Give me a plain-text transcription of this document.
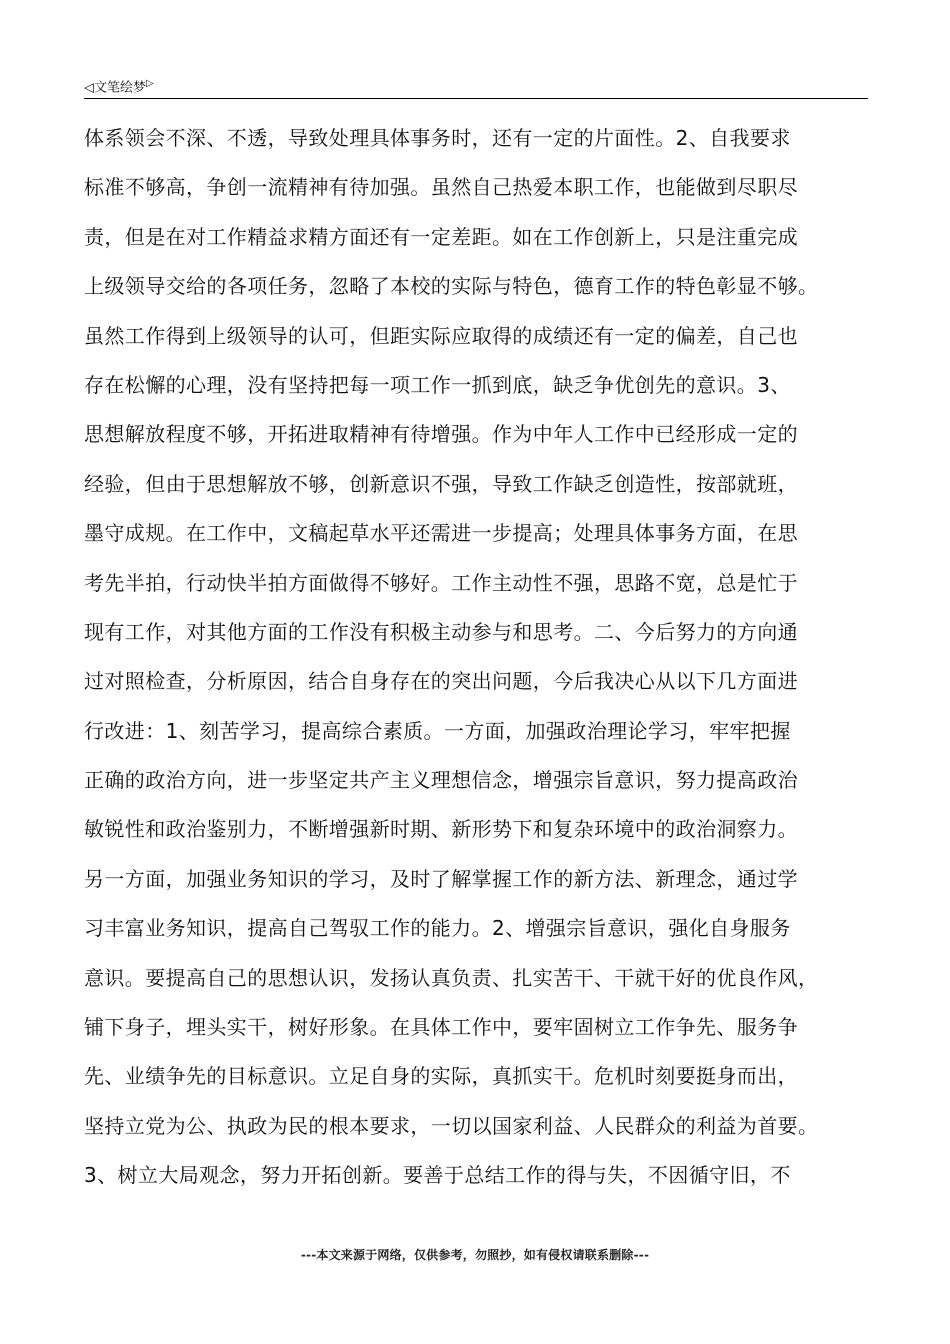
◁文笔绘梦▷
体系领会不深、不透，导致处理具体事务时，还有一定的片面性。2、自我要求
标准不够高，争创一流精神有待加强。虽然自己热爱本职工作，也能做到尽职尽
责，但是在对工作精益求精方面还有一定差距。如在工作创新上，只是注重完成
上级领导交给的各项任务，忽略了本校的实际与特色，德育工作的特色彰显不够。
虽然工作得到上级领导的认可，但距实际应取得的成绩还有一定的偏差，自己也
存在松懈的心理，没有坚持把每一项工作一抓到底，缺乏争优创先的意识。3、
思想解放程度不够，开拓进取精神有待增强。作为中年人工作中已经形成一定的
经验，但由于思想解放不够，创新意识不强，导致工作缺乏创造性，按部就班，
墨守成规。在工作中，文稿起草水平还需进一步提高；处理具体事务方面，在思
考先半拍，行动快半拍方面做得不够好。工作主动性不强，思路不宽，总是忙于
现有工作，对其他方面的工作没有积极主动参与和思考。二、今后努力的方向通
过对照检查，分析原因，结合自身存在的突出问题，今后我决心从以下几方面进
行改进：1、刻苦学习，提高综合素质。一方面，加强政治理论学习，牢牢把握
正确的政治方向，进一步坚定共产主义理想信念，增强宗旨意识，努力提高政治
敏锐性和政治鉴别力，不断增强新时期、新形势下和复杂环境中的政治洞察力。
另一方面，加强业务知识的学习，及时了解掌握工作的新方法、新理念，通过学
习丰富业务知识，提高自己驾驭工作的能力。2、增强宗旨意识，强化自身服务
意识。要提高自己的思想认识，发扬认真负责、扎实苦干、干就干好的优良作风，
铺下身子，埋头实干，树好形象。在具体工作中，要牢固树立工作争先、服务争
先、业绩争先的目标意识。立足自身的实际，真抓实干。危机时刻要挺身而出，
坚持立党为公、执政为民的根本要求，一切以国家利益、人民群众的利益为首要。
3、树立大局观念，努力开拓创新。要善于总结工作的得与失，不因循守旧，不
---本文来源于网络，仅供参考，勿照抄，如有侵权请联系删除---
